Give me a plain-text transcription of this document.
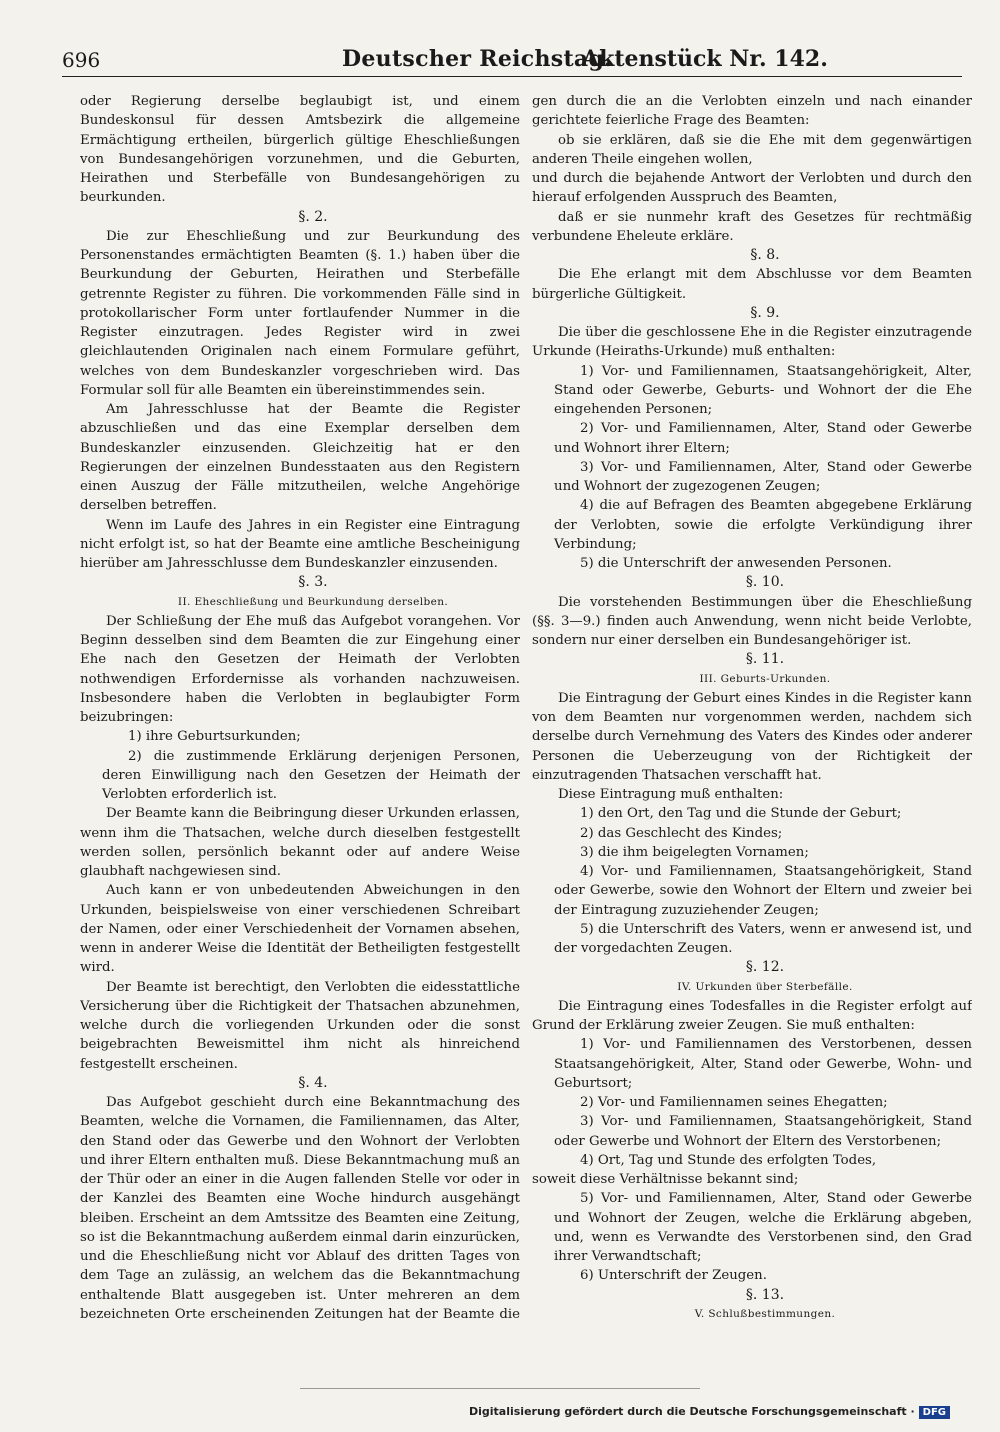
696	Deutscher Reichstag.
Aktenstück Nr. 142.

oder Regierung derselbe beglaubigt ist, und einem Bundeskonsul für dessen Amtsbezirk die allgemeine Ermächtigung ertheilen, bürgerlich gültige Eheschließungen von Bundesangehörigen vorzunehmen, und die Geburten, Heirathen und Sterbefälle von Bundesangehörigen zu beurkunden.

§. 2.

Die zur Eheschließung und zur Beurkundung des Personenstandes ermächtigten Beamten (§. 1.) haben über die Beurkundung der Geburten, Heirathen und Sterbefälle getrennte Register zu führen. Die vorkommenden Fälle sind in protokollarischer Form unter fortlaufender Nummer in die Register einzutragen. Jedes Register wird in zwei gleichlautenden Originalen nach einem Formulare geführt, welches von dem Bundeskanzler vorgeschrieben wird. Das Formular soll für alle Beamten ein übereinstimmendes sein.

Am Jahresschlusse hat der Beamte die Register abzuschließen und das eine Exemplar derselben dem Bundeskanzler einzusenden. Gleichzeitig hat er den Regierungen der einzelnen Bundesstaaten aus den Registern einen Auszug der Fälle mitzutheilen, welche Angehörige derselben betreffen.

Wenn im Laufe des Jahres in ein Register eine Eintragung nicht erfolgt ist, so hat der Beamte eine amtliche Bescheinigung hierüber am Jahresschlusse dem Bundeskanzler einzusenden.

§. 3.

II. Eheschließung und Beurkundung derselben.

Der Schließung der Ehe muß das Aufgebot vorangehen. Vor Beginn desselben sind dem Beamten die zur Eingehung einer Ehe nach den Gesetzen der Heimath der Verlobten nothwendigen Erfordernisse als vorhanden nachzuweisen. Insbesondere haben die Verlobten in beglaubigter Form beizubringen:

1) ihre Geburtsurkunden;

2) die zustimmende Erklärung derjenigen Personen, deren Einwilligung nach den Gesetzen der Heimath der Verlobten erforderlich ist.

Der Beamte kann die Beibringung dieser Urkunden erlassen, wenn ihm die Thatsachen, welche durch dieselben festgestellt werden sollen, persönlich bekannt oder auf andere Weise glaubhaft nachgewiesen sind.

Auch kann er von unbedeutenden Abweichungen in den Urkunden, beispielsweise von einer verschiedenen Schreibart der Namen, oder einer Verschiedenheit der Vornamen absehen, wenn in anderer Weise die Identität der Betheiligten festgestellt wird.

Der Beamte ist berechtigt, den Verlobten die eidesstattliche Versicherung über die Richtigkeit der Thatsachen abzunehmen, welche durch die vorliegenden Urkunden oder die sonst beigebrachten Beweismittel ihm nicht als hinreichend festgestellt erscheinen.

§. 4.

Das Aufgebot geschieht durch eine Bekanntmachung des Beamten, welche die Vornamen, die Familiennamen, das Alter, den Stand oder das Gewerbe und den Wohnort der Verlobten und ihrer Eltern enthalten muß. Diese Bekanntmachung muß an der Thür oder an einer in die Augen fallenden Stelle vor oder in der Kanzlei des Beamten eine Woche hindurch ausgehängt bleiben. Erscheint an dem Amtssitze des Beamten eine Zeitung, so ist die Bekanntmachung außerdem einmal darin einzurücken, und die Eheschließung nicht vor Ablauf des dritten Tages von dem Tage an zulässig, an welchem das die Bekanntmachung enthaltende Blatt ausgegeben ist. Unter mehreren an dem bezeichneten Orte erscheinenden Zeitungen hat der Beamte die

gen durch die an die Verlobten einzeln und nach einander gerichtete feierliche Frage des Beamten:

ob sie erklären, daß sie die Ehe mit dem gegenwärtigen anderen Theile eingehen wollen,

und durch die bejahende Antwort der Verlobten und durch den hierauf erfolgenden Ausspruch des Beamten,

daß er sie nunmehr kraft des Gesetzes für rechtmäßig verbundene Eheleute erkläre.

§. 8.

Die Ehe erlangt mit dem Abschlusse vor dem Beamten bürgerliche Gültigkeit.

§. 9.

Die über die geschlossene Ehe in die Register einzutragende Urkunde (Heiraths-Urkunde) muß enthalten:

1) Vor- und Familiennamen, Staatsangehörigkeit, Alter, Stand oder Gewerbe, Geburts- und Wohnort der die Ehe eingehenden Personen;

2) Vor- und Familiennamen, Alter, Stand oder Gewerbe und Wohnort ihrer Eltern;

3) Vor- und Familiennamen, Alter, Stand oder Gewerbe und Wohnort der zugezogenen Zeugen;

4) die auf Befragen des Beamten abgegebene Erklärung der Verlobten, sowie die erfolgte Verkündigung ihrer Verbindung;

5) die Unterschrift der anwesenden Personen.

§. 10.

Die vorstehenden Bestimmungen über die Eheschließung (§§. 3—9.) finden auch Anwendung, wenn nicht beide Verlobte, sondern nur einer derselben ein Bundesangehöriger ist.

§. 11.

III. Geburts-Urkunden.

Die Eintragung der Geburt eines Kindes in die Register kann von dem Beamten nur vorgenommen werden, nachdem sich derselbe durch Vernehmung des Vaters des Kindes oder anderer Personen die Ueberzeugung von der Richtigkeit der einzutragenden Thatsachen verschafft hat.

Diese Eintragung muß enthalten:

1) den Ort, den Tag und die Stunde der Geburt;

2) das Geschlecht des Kindes;

3) die ihm beigelegten Vornamen;

4) Vor- und Familiennamen, Staatsangehörigkeit, Stand oder Gewerbe, sowie den Wohnort der Eltern und zweier bei der Eintragung zuzuziehender Zeugen;

5) die Unterschrift des Vaters, wenn er anwesend ist, und der vorgedachten Zeugen.

§. 12.

IV. Urkunden über Sterbefälle.

Die Eintragung eines Todesfalles in die Register erfolgt auf Grund der Erklärung zweier Zeugen. Sie muß enthalten:

1) Vor- und Familiennamen des Verstorbenen, dessen Staatsangehörigkeit, Alter, Stand oder Gewerbe, Wohn- und Geburtsort;

2) Vor- und Familiennamen seines Ehegatten;

3) Vor- und Familiennamen, Staatsangehörigkeit, Stand oder Gewerbe und Wohnort der Eltern des Verstorbenen;

4) Ort, Tag und Stunde des erfolgten Todes,

soweit diese Verhältnisse bekannt sind;

5) Vor- und Familiennamen, Alter, Stand oder Gewerbe und Wohnort der Zeugen, welche die Erklärung abgeben, und, wenn es Verwandte des Verstorbenen sind, den Grad ihrer Verwandtschaft;

6) Unterschrift der Zeugen.

§. 13.

V. Schlußbestimmungen.

Digitalisierung gefördert durch die Deutsche Forschungsgemeinschaft · DFG
